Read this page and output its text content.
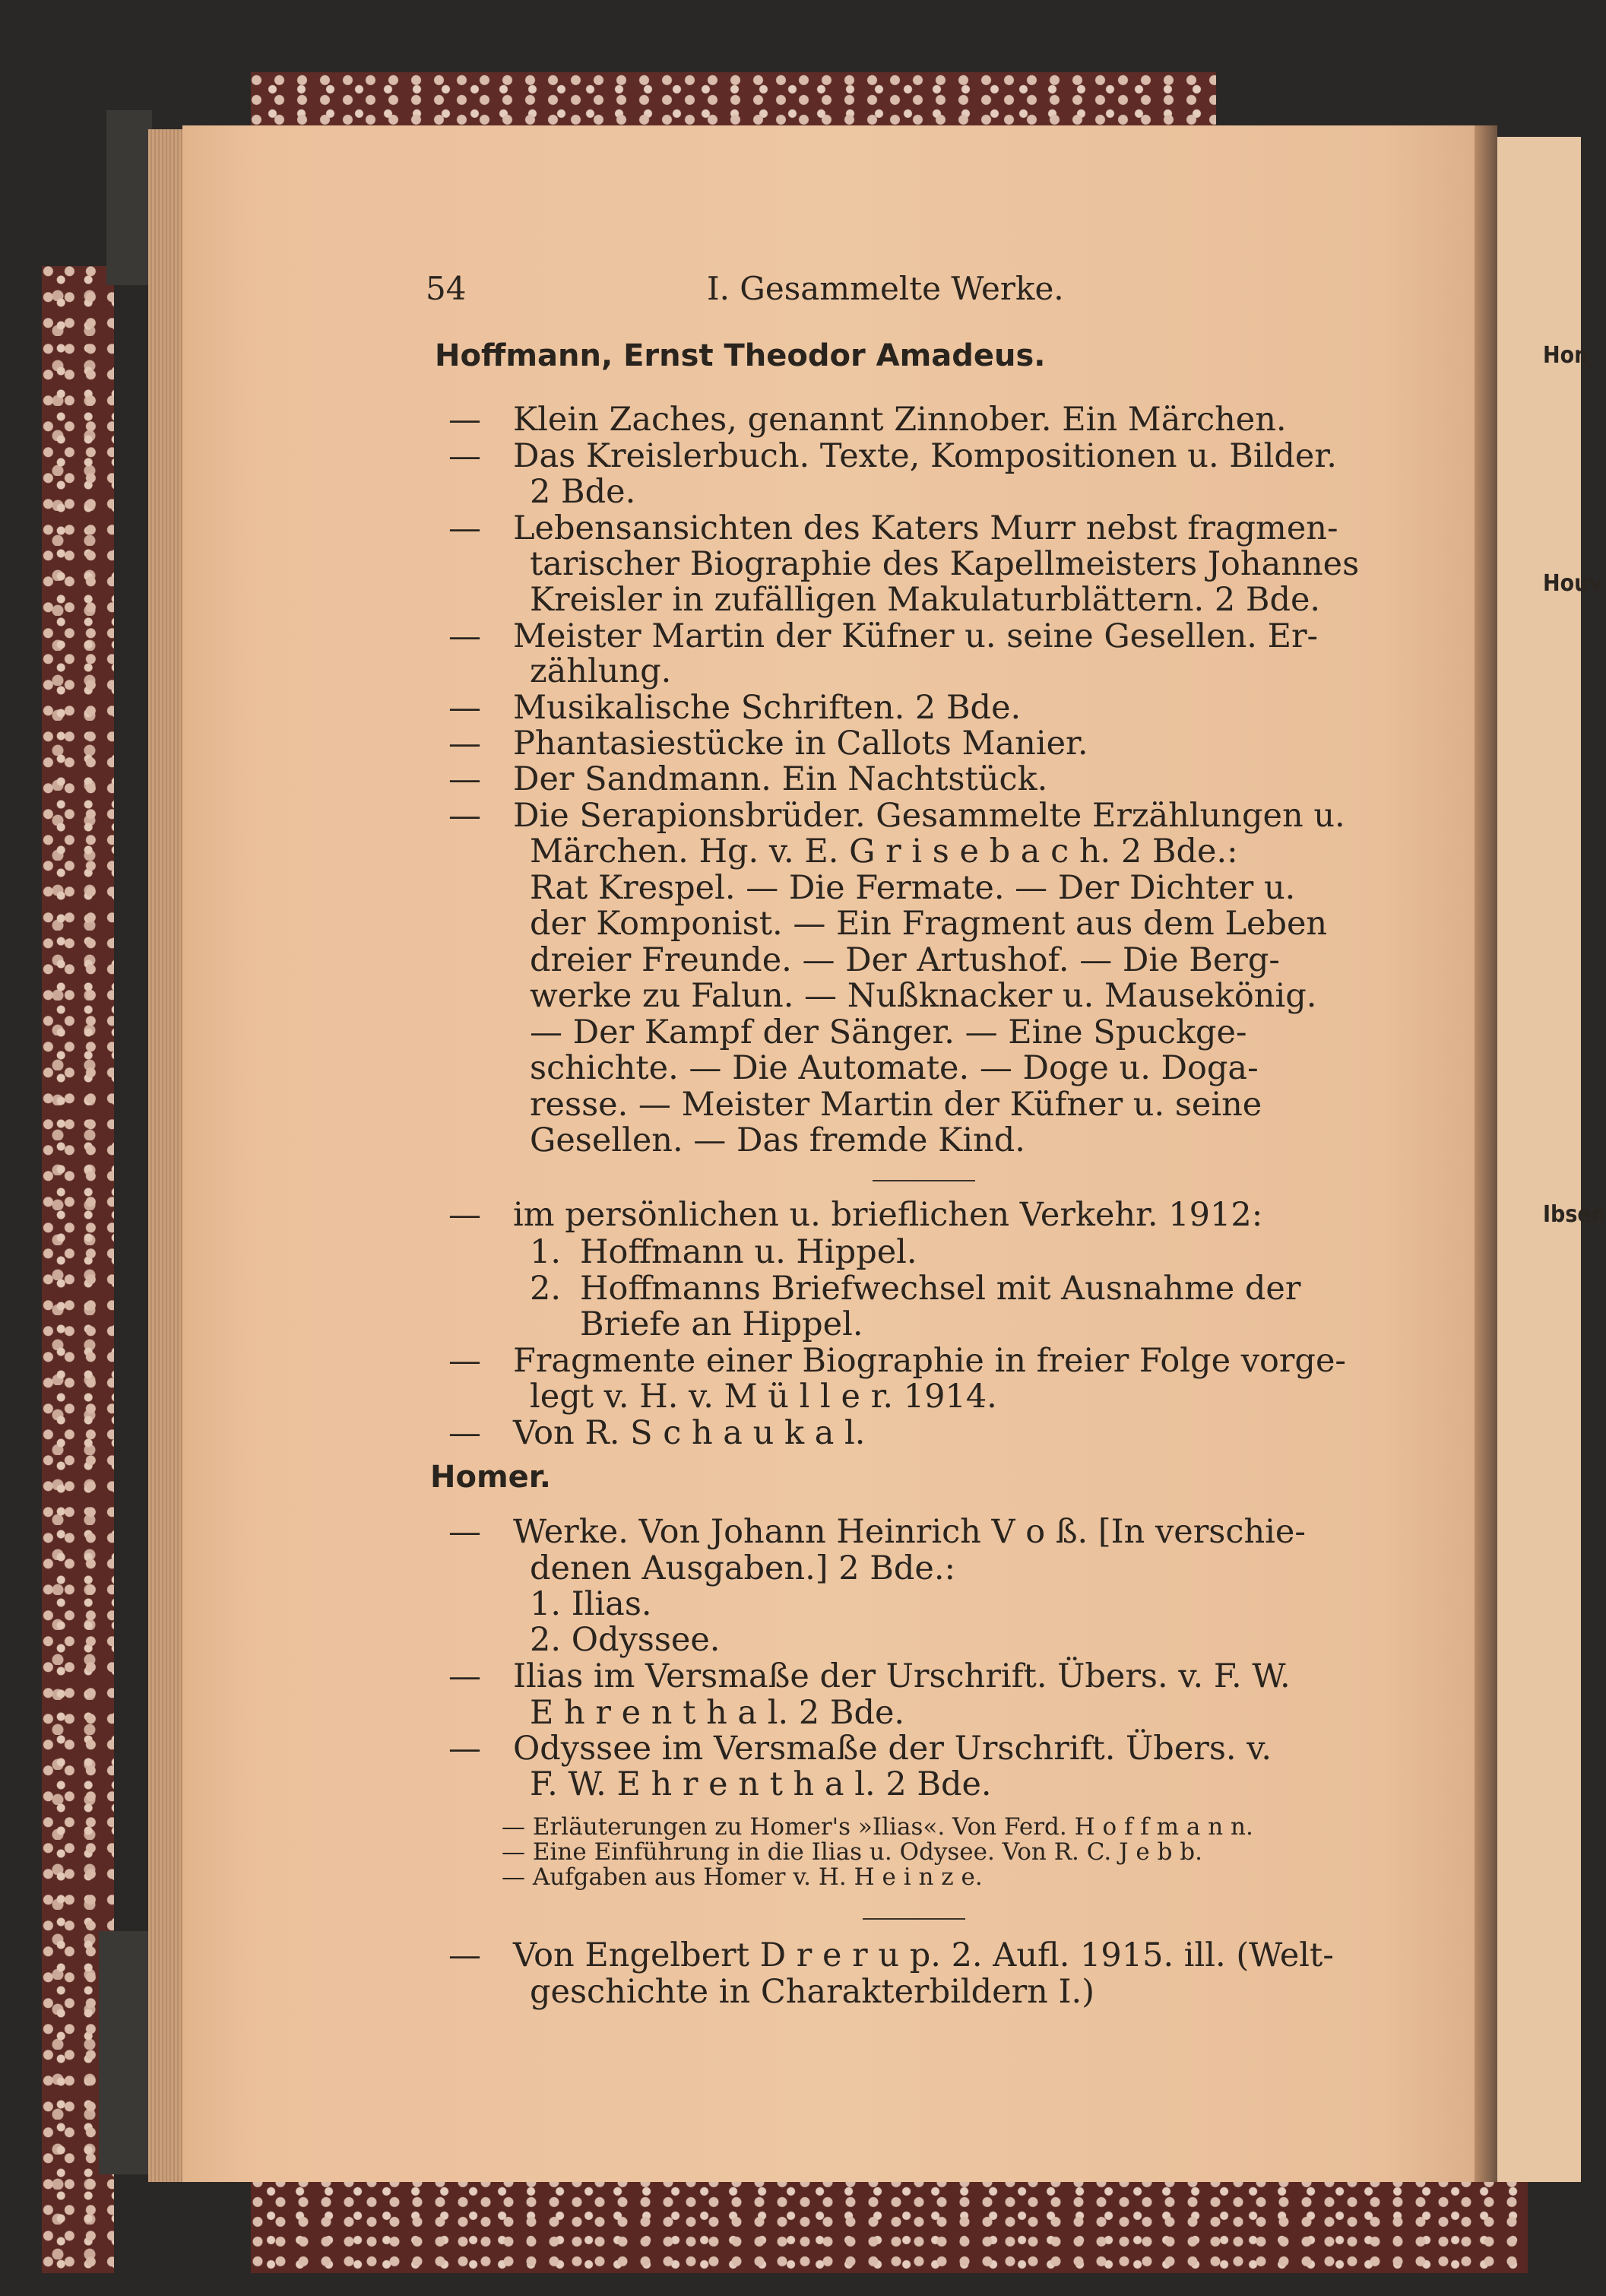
Hon
Houv
Ibsen
54	I. Gesammelte Werke.
Hoffmann, Ernst Theodor Amadeus.
— Klein Zaches, genannt Zinnober. Ein Märchen.
— Das Kreislerbuch. Texte, Kompositionen u. Bilder.
2 Bde.
— Lebensansichten des Katers Murr nebst fragmen-
tarischer Biographie des Kapellmeisters Johannes
Kreisler in zufälligen Makulaturblättern. 2 Bde.
— Meister Martin der Küfner u. seine Gesellen. Er-
zählung.
— Musikalische Schriften. 2 Bde.
— Phantasiestücke in Callots Manier.
— Der Sandmann. Ein Nachtstück.
— Die Serapionsbrüder. Gesammelte Erzählungen u.
Märchen. Hg. v. E. G r i s e b a c h. 2 Bde.:
Rat Krespel. — Die Fermate. — Der Dichter u.
der Komponist. — Ein Fragment aus dem Leben
dreier Freunde. — Der Artushof. — Die Berg-
werke zu Falun. — Nußknacker u. Mausekönig.
— Der Kampf der Sänger. — Eine Spuckge-
schichte. — Die Automate. — Doge u. Doga-
resse. — Meister Martin der Küfner u. seine
Gesellen. — Das fremde Kind.
— im persönlichen u. brieflichen Verkehr. 1912:
1. Hoffmann u. Hippel.
2. Hoffmanns Briefwechsel mit Ausnahme der
Briefe an Hippel.
— Fragmente einer Biographie in freier Folge vorge-
legt v. H. v. M ü l l e r. 1914.
— Von R. S c h a u k a l.
Homer.
— Werke. Von Johann Heinrich V o ß. [In verschie-
denen Ausgaben.] 2 Bde.:
1. Ilias.
2. Odyssee.
— Ilias im Versmaße der Urschrift. Übers. v. F. W.
E h r e n t h a l. 2 Bde.
— Odyssee im Versmaße der Urschrift. Übers. v.
F. W. E h r e n t h a l. 2 Bde.
— Erläuterungen zu Homer's »Ilias«. Von Ferd. H o f f m a n n.
— Eine Einführung in die Ilias u. Odysee. Von R. C. J e b b.
— Aufgaben aus Homer v. H. H e i n z e.
— Von Engelbert D r e r u p. 2. Aufl. 1915. ill. (Welt-
geschichte in Charakterbildern I.)
